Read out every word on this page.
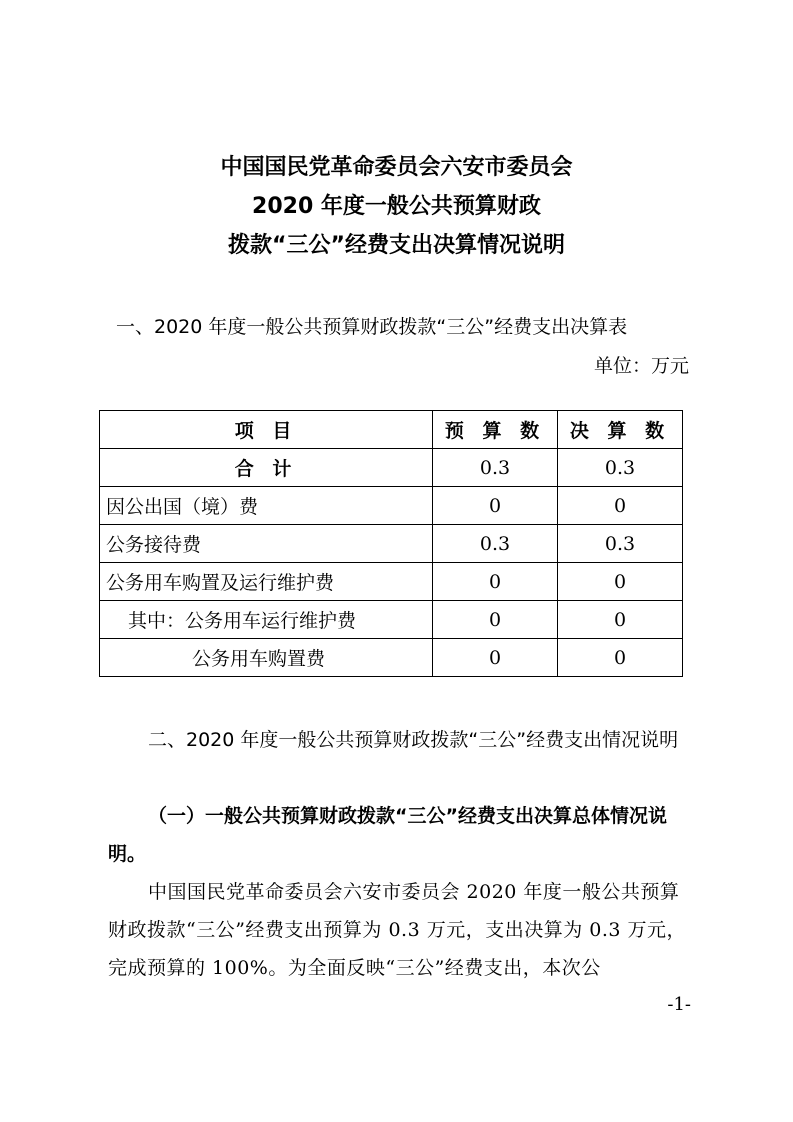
中国国民党革命委员会六安市委员会
2020 年度一般公共预算财政
拨款“三公”经费支出决算情况说明
一、2020 年度一般公共预算财政拨款“三公”经费支出决算表
单位：万元
项 目	预 算 数	决 算 数
合 计	0.3	0.3
因公出国（境）费	0	0
公务接待费	0.3	0.3
公务用车购置及运行维护费	0	0
其中：公务用车运行维护费	0	0
公务用车购置费	0	0
二、2020 年度一般公共预算财政拨款“三公”经费支出情况说明
（一）一般公共预算财政拨款“三公”经费支出决算总体情况说明。
中国国民党革命委员会六安市委员会 2020 年度一般公共预算财政拨款“三公”经费支出预算为 0.3 万元，支出决算为 0.3 万元，完成预算的 100%。为全面反映“三公”经费支出，本次公
-1-
